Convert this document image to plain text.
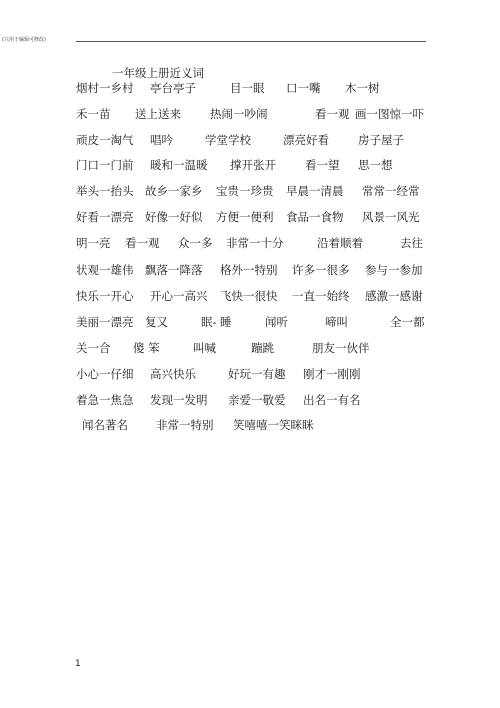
(只用于编辑可修改)
一年级上册近义词
烟村一乡村 亭台亭子	目一眼 口一嘴 木一树
禾一苗 送上送来	热闹一吵闹	看一观 画一图惊一吓
顽皮一淘气 唱吟	学堂学校	漂亮好看	房子屋子
门口一门前 暖和一温暖 撑开张开	看一望 思一想
举头一抬头 故乡一家乡 宝贵一珍贵 早晨一清晨 常常一经常
好看一漂亮 好像一好似 方便一便利 食品一食物 风景一风光
明一亮 看一观 众一多 非常一十分	沿着顺着	去往
状观一雄伟 飘落一降落 格外一特别 许多一很多 参与一参加
快乐一开心 开心一高兴 飞快一很快 一直一始终 感激一感谢
美丽一漂亮 复又	眠- 睡	闻听	啼叫	全一都
关一合 傻 笨	叫喊	蹦跳	朋友一伙伴
小心一仔细 高兴快乐	好玩一有趣 刚才一刚刚
着急一焦急 发现一发明 亲爱一敬爱 出名一有名
闻名著名 非常一特别 笑嘻嘻一笑眯眯
1
